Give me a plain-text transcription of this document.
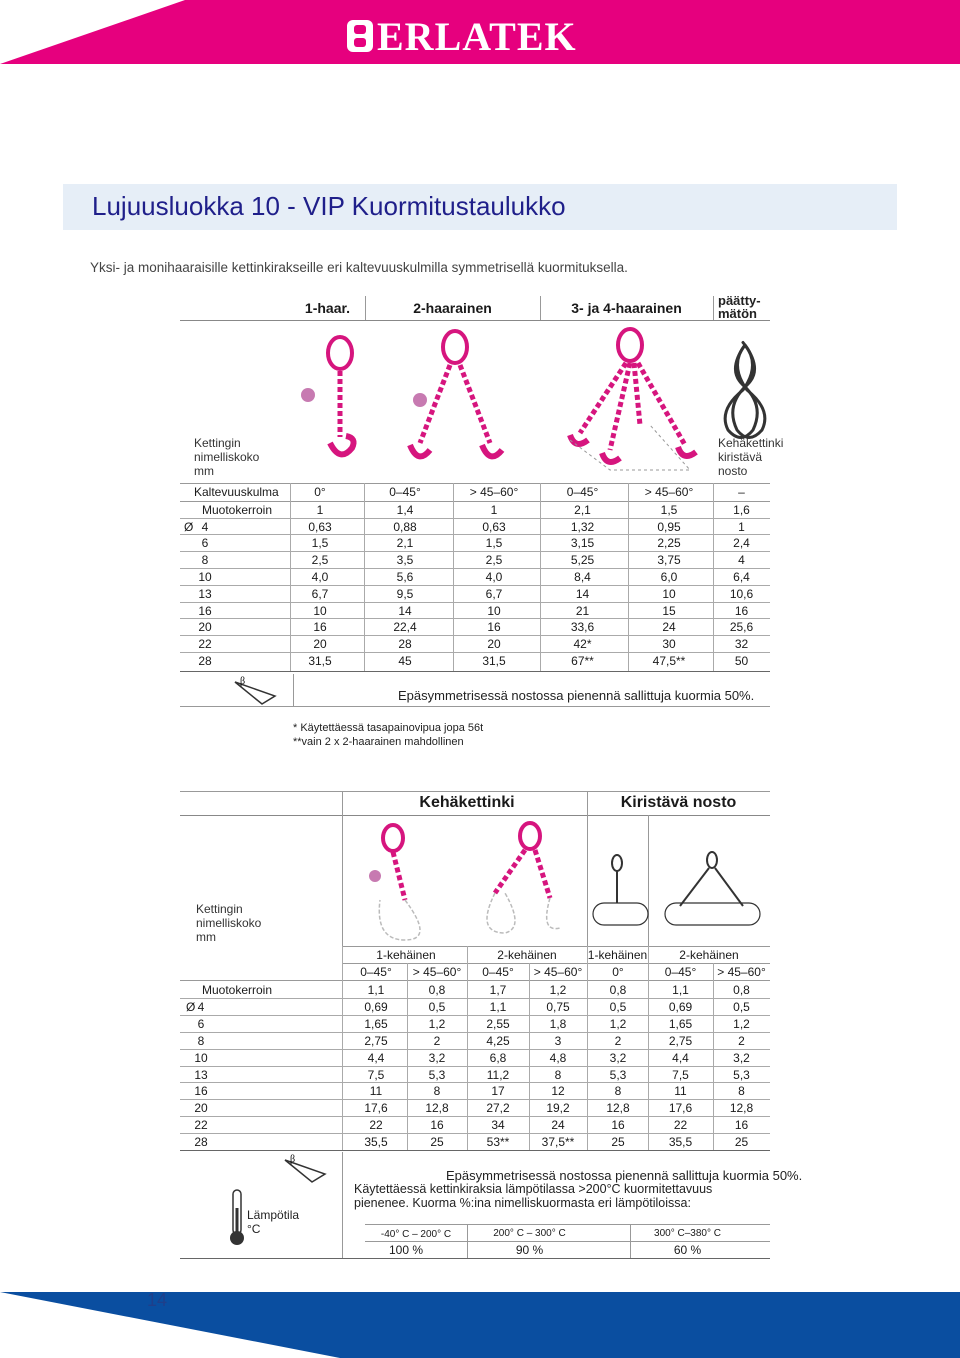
ERLATEK
Lujuusluokka 10 - VIP Kuormitustaulukko
Yksi- ja monihaaraisille kettinkirakseille eri kaltevuuskulmilla symmetrisellä kuormituksella.
1-haar.	2-haarainen	3- ja 4-haarainen	päätty-
mätön
Kettingin
nimelliskoko
mm
Kehäkettinki
kiristävä
nosto
Kaltevuuskulma	0°	0–45°	> 45–60°	0–45°	> 45–60°	–
Muotokerroin	1	1,4	1	2,1	1,5	1,6
Ø 4	0,63	0,88	0,63	1,32	0,95	1
6	1,5	2,1	1,5	3,15	2,25	2,4
8	2,5	3,5	2,5	5,25	3,75	4
10	4,0	5,6	4,0	8,4	6,0	6,4
13	6,7	9,5	6,7	14	10	10,6
16	10	14	10	21	15	16
20	16	22,4	16	33,6	24	25,6
22	20	28	20	42*	30	32
28	31,5	45	31,5	67**	47,5**	50
β
Epäsymmetrisessä nostossa pienennä sallittuja kuormia 50%.
* Käytettäessä tasapainovipua jopa 56t
**vain 2 x 2-haarainen mahdollinen
Kehäkettinki	Kiristävä nosto
Kettingin
nimelliskoko
mm
1-kehäinen	2-kehäinen	1-kehäinen	2-kehäinen
0–45°	> 45–60°	0–45°	> 45–60°	0°	0–45°	> 45–60°
Muotokerroin	1,1	0,8	1,7	1,2	0,8	1,1	0,8
Ø 4	0,69	0,5	1,1	0,75	0,5	0,69	0,5
6	1,65	1,2	2,55	1,8	1,2	1,65	1,2
8	2,75	2	4,25	3	2	2,75	2
10	4,4	3,2	6,8	4,8	3,2	4,4	3,2
13	7,5	5,3	11,2	8	5,3	7,5	5,3
16	11	8	17	12	8	11	8
20	17,6	12,8	27,2	19,2	12,8	17,6	12,8
22	22	16	34	24	16	22	16
28	35,5	25	53**	37,5**	25	35,5	25
β
Lämpötila
°C
Epäsymmetrisessä nostossa pienennä sallittuja kuormia 50%.
Käytettäessä kettinkiraksia lämpötilassa >200°C kuormitettavuus
pienenee. Kuorma %:ina nimelliskuormasta eri lämpötiloissa:
-40° C – 200° C	200° C – 300° C	300° C–380° C
100 %	90 %	60 %
14
